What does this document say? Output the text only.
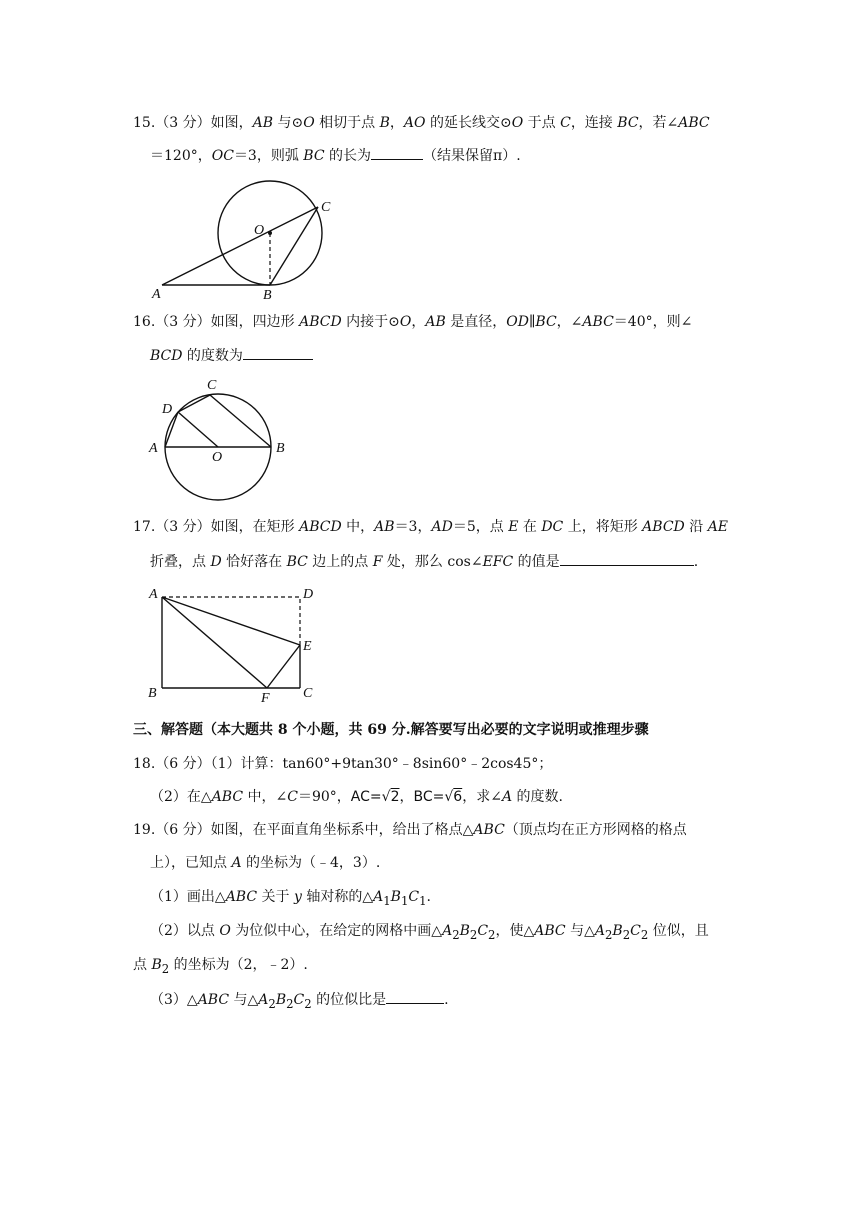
15.（3 分）如图，AB 与⊙O 相切于点 B，AO 的延长线交⊙O 于点 C，连接 BC，若∠ABC
＝120°，OC＝3，则弧 BC 的长为	（结果保留π）.
O
C
A	B
16.（3 分）如图，四边形 ABCD 内接于⊙O，AB 是直径，OD∥BC，∠ABC＝40°，则∠
BCD 的度数为
C
D
A
O
B
17.（3 分）如图，在矩形 ABCD 中，AB＝3，AD＝5，点 E 在 DC 上，将矩形 ABCD 沿 AE
折叠，点 D 恰好落在 BC 边上的点 F 处，那么 cos∠EFC 的值是	.
A	D
E
B	F C
三、解答题（本大题共 8 个小题，共 69 分.解答要写出必要的文字说明或推理步骤
18.（6 分）（1）计算：tan60°+9tan30°﹣8sin60°﹣2cos45°；
（2）在△ABC 中，∠C＝90°，AC=√2，BC=√6，求∠A 的度数.
19.（6 分）如图，在平面直角坐标系中，给出了格点△ABC（顶点均在正方形网格的格点
上），已知点 A 的坐标为（﹣4，3）.
（1）画出△ABC 关于 y 轴对称的$\triangle A_1B_1C_1$.
（2）以点 O 为位似中心，在给定的网格中画$\triangle A_2B_2C_2$，使△ABC 与$\triangle A_2B_2C_2$ 位似，且
点 $B_2$ 的坐标为（2，﹣2）.
（3）△ABC 与$\triangle A_2B_2C_2$ 的位似比是	.
